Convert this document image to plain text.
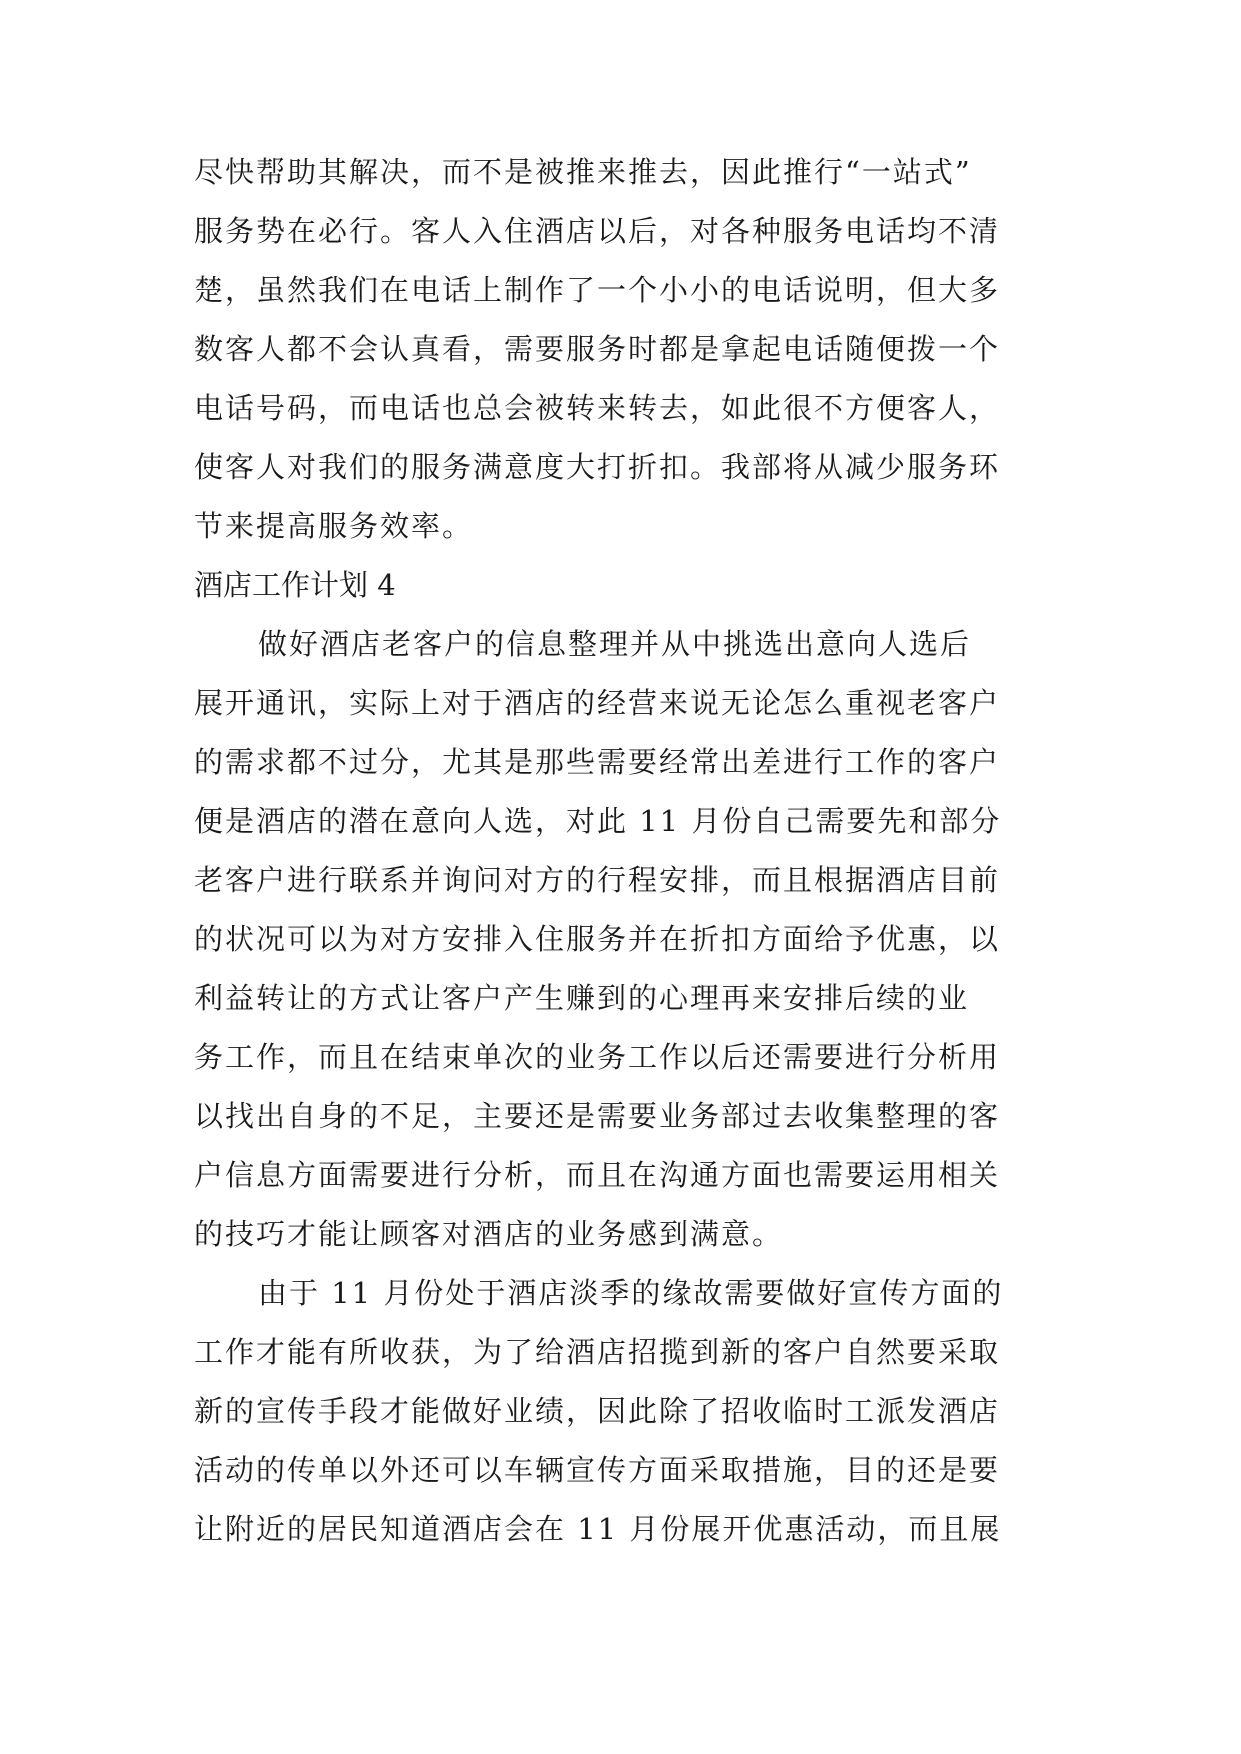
尽快帮助其解决，而不是被推来推去，因此推行“一站式”
服务势在必行。客人入住酒店以后，对各种服务电话均不清
楚，虽然我们在电话上制作了一个小小的电话说明，但大多
数客人都不会认真看，需要服务时都是拿起电话随便拨一个
电话号码，而电话也总会被转来转去，如此很不方便客人，
使客人对我们的服务满意度大打折扣。我部将从减少服务环
节来提高服务效率。
酒店工作计划 4
做好酒店老客户的信息整理并从中挑选出意向人选后
展开通讯，实际上对于酒店的经营来说无论怎么重视老客户
的需求都不过分，尤其是那些需要经常出差进行工作的客户
便是酒店的潜在意向人选，对此 11 月份自己需要先和部分
老客户进行联系并询问对方的行程安排，而且根据酒店目前
的状况可以为对方安排入住服务并在折扣方面给予优惠，以
利益转让的方式让客户产生赚到的心理再来安排后续的业
务工作，而且在结束单次的业务工作以后还需要进行分析用
以找出自身的不足，主要还是需要业务部过去收集整理的客
户信息方面需要进行分析，而且在沟通方面也需要运用相关
的技巧才能让顾客对酒店的业务感到满意。
由于 11 月份处于酒店淡季的缘故需要做好宣传方面的
工作才能有所收获，为了给酒店招揽到新的客户自然要采取
新的宣传手段才能做好业绩，因此除了招收临时工派发酒店
活动的传单以外还可以车辆宣传方面采取措施，目的还是要
让附近的居民知道酒店会在 11 月份展开优惠活动，而且展
